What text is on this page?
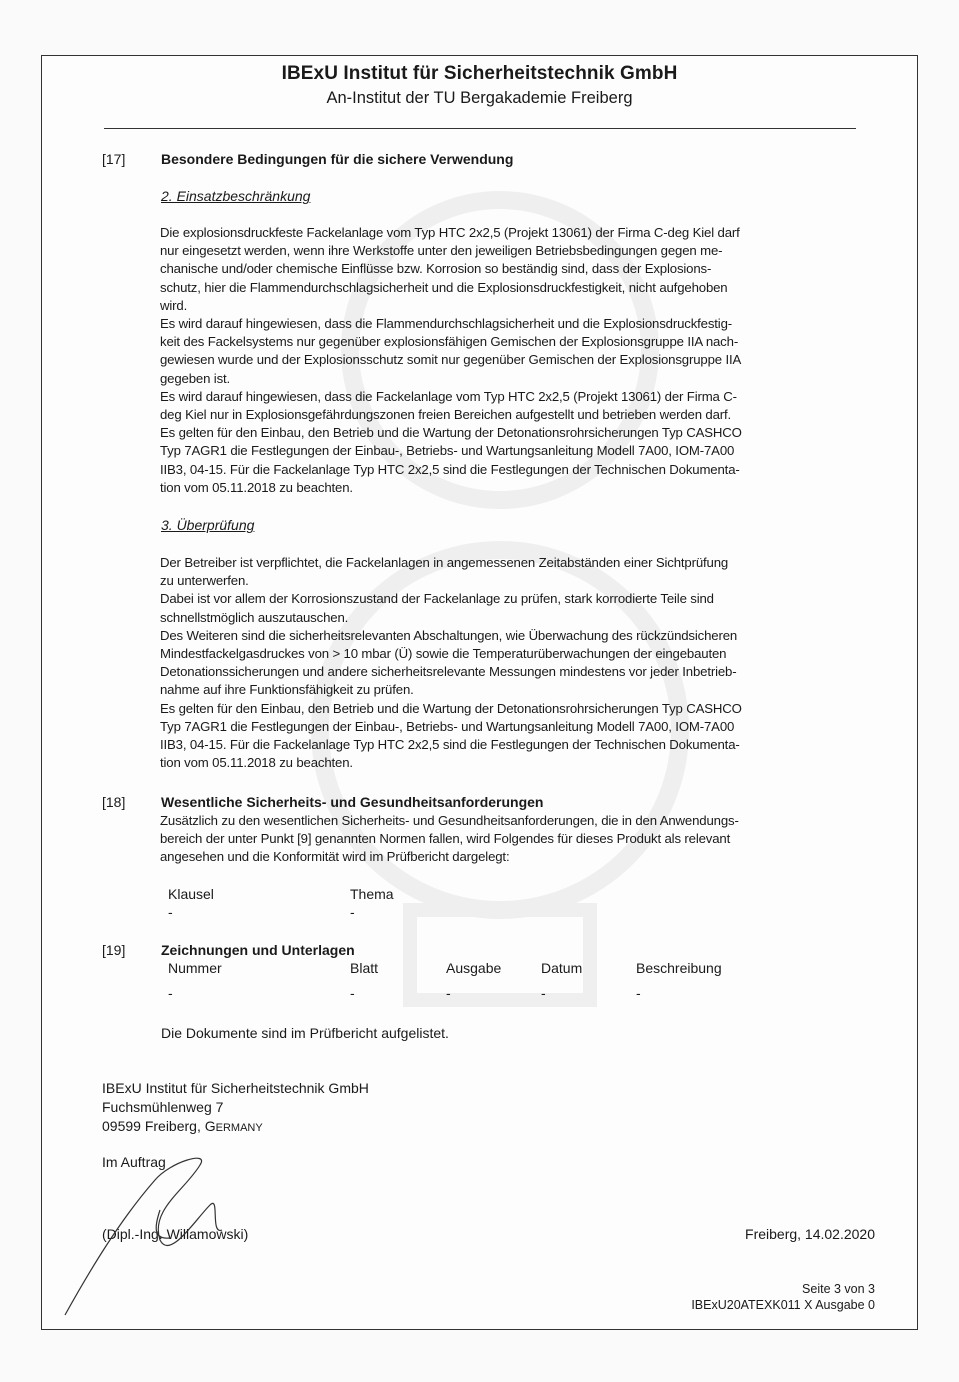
IBExU Institut für Sicherheitstechnik GmbH
An-Institut der TU Bergakademie Freiberg
[17]	Besondere Bedingungen für die sichere Verwendung
2. Einsatzbeschränkung
Die explosionsdruckfeste Fackelanlage vom Typ HTC 2x2,5 (Projekt 13061) der Firma C-deg Kiel darf
nur eingesetzt werden, wenn ihre Werkstoffe unter den jeweiligen Betriebsbedingungen gegen me-
chanische und/oder chemische Einflüsse bzw. Korrosion so beständig sind, dass der Explosions-
schutz, hier die Flammendurchschlagsicherheit und die Explosionsdruckfestigkeit, nicht aufgehoben
wird.
Es wird darauf hingewiesen, dass die Flammendurchschlagsicherheit und die Explosionsdruckfestig-
keit des Fackelsystems nur gegenüber explosionsfähigen Gemischen der Explosionsgruppe IIA nach-
gewiesen wurde und der Explosionsschutz somit nur gegenüber Gemischen der Explosionsgruppe IIA
gegeben ist.
Es wird darauf hingewiesen, dass die Fackelanlage vom Typ HTC 2x2,5 (Projekt 13061) der Firma C-
deg Kiel nur in Explosionsgefährdungszonen freien Bereichen aufgestellt und betrieben werden darf.
Es gelten für den Einbau, den Betrieb und die Wartung der Detonationsrohrsicherungen Typ CASHCO
Typ 7AGR1 die Festlegungen der Einbau-, Betriebs- und Wartungsanleitung Modell 7A00, IOM-7A00
IIB3, 04-15. Für die Fackelanlage Typ HTC 2x2,5 sind die Festlegungen der Technischen Dokumenta-
tion vom 05.11.2018 zu beachten.
3. Überprüfung
Der Betreiber ist verpflichtet, die Fackelanlagen in angemessenen Zeitabständen einer Sichtprüfung
zu unterwerfen.
Dabei ist vor allem der Korrosionszustand der Fackelanlage zu prüfen, stark korrodierte Teile sind
schnellstmöglich auszutauschen.
Des Weiteren sind die sicherheitsrelevanten Abschaltungen, wie Überwachung des rückzündsicheren
Mindestfackelgasdruckes von > 10 mbar (Ü) sowie die Temperaturüberwachungen der eingebauten
Detonationssicherungen und andere sicherheitsrelevante Messungen mindestens vor jeder Inbetrieb-
nahme auf ihre Funktionsfähigkeit zu prüfen.
Es gelten für den Einbau, den Betrieb und die Wartung der Detonationsrohrsicherungen Typ CASHCO
Typ 7AGR1 die Festlegungen der Einbau-, Betriebs- und Wartungsanleitung Modell 7A00, IOM-7A00
IIB3, 04-15. Für die Fackelanlage Typ HTC 2x2,5 sind die Festlegungen der Technischen Dokumenta-
tion vom 05.11.2018 zu beachten.
[18]	Wesentliche Sicherheits- und Gesundheitsanforderungen
Zusätzlich zu den wesentlichen Sicherheits- und Gesundheitsanforderungen, die in den Anwendungs-
bereich der unter Punkt [9] genannten Normen fallen, wird Folgendes für dieses Produkt als relevant
angesehen und die Konformität wird im Prüfbericht dargelegt:
Klausel	Thema
-	-
[19]	Zeichnungen und Unterlagen
Nummer	Blatt	Ausgabe	Datum	Beschreibung
-	-	-	-	-
Die Dokumente sind im Prüfbericht aufgelistet.
IBExU Institut für Sicherheitstechnik GmbH
Fuchsmühlenweg 7
09599 Freiberg, GERMANY
Im Auftrag
(Dipl.-Ing. Willamowski)	Freiberg, 14.02.2020
Seite 3 von 3
IBExU20ATEXK011 X Ausgabe 0
